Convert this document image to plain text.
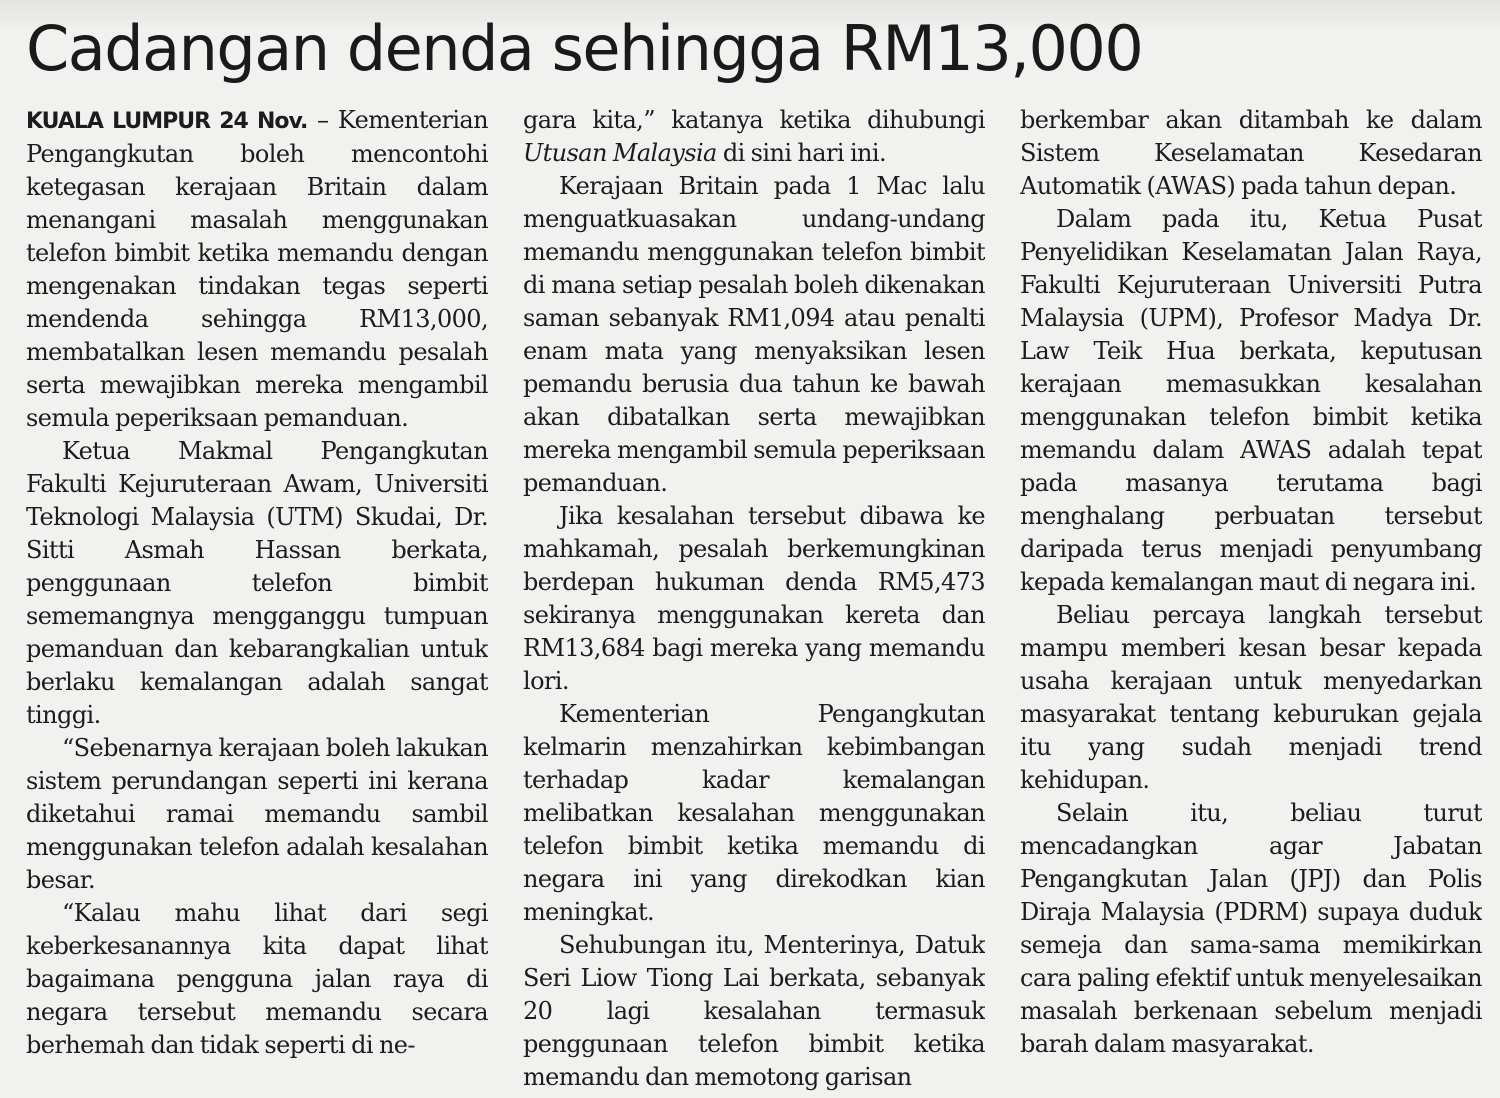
Cadangan denda sehingga RM13,000

KUALA LUMPUR 24 Nov. – Kementerian Pengangkutan boleh mencontohi ketegasan kerajaan Britain dalam menangani masalah menggunakan telefon bimbit ketika memandu dengan mengenakan tindakan tegas seperti mendenda sehingga RM13,000, membatalkan lesen memandu pesalah serta mewajibkan mereka mengambil semula peperiksaan pemanduan.

Ketua Makmal Pengangkutan Fakulti Kejuruteraan Awam, Universiti Teknologi Malaysia (UTM) Skudai, Dr. Sitti Asmah Hassan berkata, penggunaan telefon bimbit sememangnya mengganggu tumpuan pemanduan dan kebarangkalian untuk berlaku kemalangan adalah sangat tinggi.

“Sebenarnya kerajaan boleh lakukan sistem perundangan seperti ini kerana diketahui ramai memandu sambil menggunakan telefon adalah kesalahan besar.

“Kalau mahu lihat dari segi keberkesanannya kita dapat lihat bagaimana pengguna jalan raya di negara tersebut memandu secara berhemah dan tidak seperti di ne-

gara kita,” katanya ketika dihubungi Utusan Malaysia di sini hari ini.

Kerajaan Britain pada 1 Mac lalu menguatkuasakan undang-undang memandu menggunakan telefon bimbit di mana setiap pesalah boleh dikenakan saman sebanyak RM1,094 atau penalti enam mata yang menyaksikan lesen pemandu berusia dua tahun ke bawah akan dibatalkan serta mewajibkan mereka mengambil semula peperiksaan pemanduan.

Jika kesalahan tersebut dibawa ke mahkamah, pesalah berkemungkinan berdepan hukuman denda RM5,473 sekiranya menggunakan kereta dan RM13,684 bagi mereka yang memandu lori.

Kementerian Pengangkutan kelmarin menzahirkan kebimbangan terhadap kadar kemalangan melibatkan kesalahan menggunakan telefon bimbit ketika memandu di negara ini yang direkodkan kian meningkat.

Sehubungan itu, Menterinya, Datuk Seri Liow Tiong Lai berkata, sebanyak 20 lagi kesalahan termasuk penggunaan telefon bimbit ketika memandu dan memotong garisan

berkembar akan ditambah ke dalam Sistem Keselamatan Kesedaran Automatik (AWAS) pada tahun depan.

Dalam pada itu, Ketua Pusat Penyelidikan Keselamatan Jalan Raya, Fakulti Kejuruteraan Universiti Putra Malaysia (UPM), Profesor Madya Dr. Law Teik Hua berkata, keputusan kerajaan memasukkan kesalahan menggunakan telefon bimbit ketika memandu dalam AWAS adalah tepat pada masanya terutama bagi menghalang perbuatan tersebut daripada terus menjadi penyumbang kepada kemalangan maut di negara ini.

Beliau percaya langkah tersebut mampu memberi kesan besar kepada usaha kerajaan untuk menyedarkan masyarakat tentang keburukan gejala itu yang sudah menjadi trend kehidupan.

Selain itu, beliau turut mencadangkan agar Jabatan Pengangkutan Jalan (JPJ) dan Polis Diraja Malaysia (PDRM) supaya duduk semeja dan sama-sama memikirkan cara paling efektif untuk menyelesaikan masalah berkenaan sebelum menjadi barah dalam masyarakat.
